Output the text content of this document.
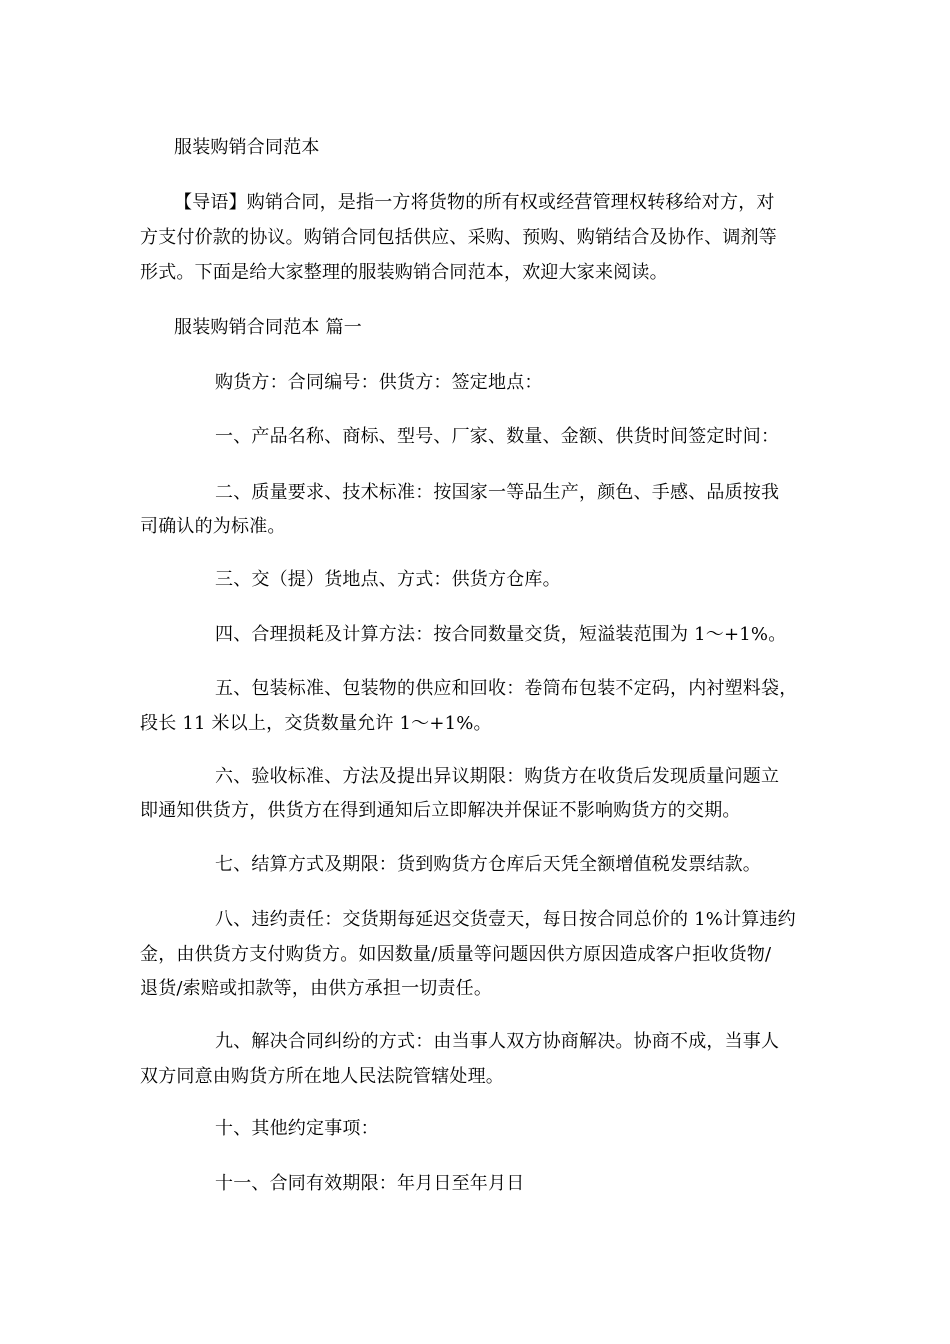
服装购销合同范本
【导语】购销合同，是指一方将货物的所有权或经营管理权转移给对方，对
方支付价款的协议。购销合同包括供应、采购、预购、购销结合及协作、调剂等
形式。下面是给大家整理的服装购销合同范本，欢迎大家来阅读。
服装购销合同范本 篇一
购货方：合同编号：供货方：签定地点：
一、产品名称、商标、型号、厂家、数量、金额、供货时间签定时间：
二、质量要求、技术标准：按国家一等品生产，颜色、手感、品质按我
司确认的为标准。
三、交（提）货地点、方式：供货方仓库。
四、合理损耗及计算方法：按合同数量交货，短溢装范围为 1～+1%。
五、包装标准、包装物的供应和回收：卷筒布包装不定码，内衬塑料袋，
段长 11 米以上，交货数量允许 1～+1%。
六、验收标准、方法及提出异议期限：购货方在收货后发现质量问题立
即通知供货方，供货方在得到通知后立即解决并保证不影响购货方的交期。
七、结算方式及期限：货到购货方仓库后天凭全额增值税发票结款。
八、违约责任：交货期每延迟交货壹天，每日按合同总价的 1%计算违约
金，由供货方支付购货方。如因数量/质量等问题因供方原因造成客户拒收货物/
退货/索赔或扣款等，由供方承担一切责任。
九、解决合同纠纷的方式：由当事人双方协商解决。协商不成，当事人
双方同意由购货方所在地人民法院管辖处理。
十、其他约定事项：
十一、合同有效期限：年月日至年月日
